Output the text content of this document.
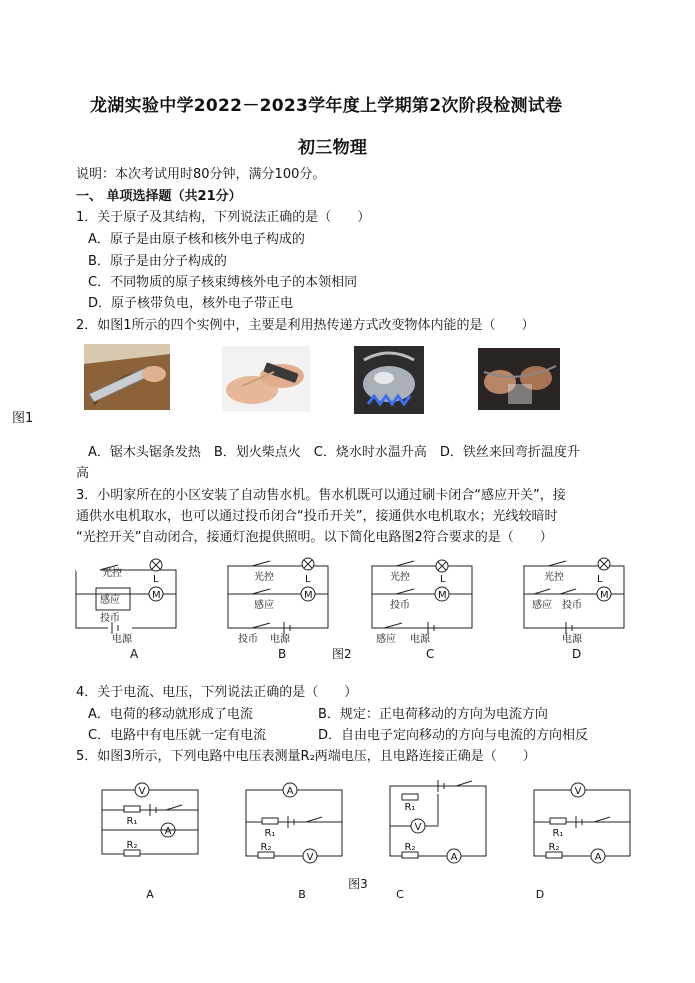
龙湖实验中学2022－2023学年度上学期第2次阶段检测试卷
初三物理
说明：本次考试用时80分钟，满分100分。
一、 单项选择题（共21分）
1．关于原子及其结构，下列说法正确的是（　　）
A．原子是由原子核和核外电子构成的
B．原子是由分子构成的
C．不同物质的原子核束缚核外电子的本领相同
D．原子核带负电，核外电子带正电
2．如图1所示的四个实例中，主要是利用热传递方式改变物体内能的是（　　）
图1
A．锯木头锯条发热　B．划火柴点火　C．烧水时水温升高　D．铁丝来回弯折温度升
高
3．小明家所在的小区安装了自动售水机。售水机既可以通过刷卡闭合“感应开关”，接
通供水电机取水，也可以通过投币闭合“投币开关”，接通供水电机取水；光线较暗时
“光控开关”自动闭合，接通灯泡提供照明。以下简化电路图2符合要求的是（　　）
光控
L
M
感应
投币
电源
A
光控	L
M
感应
投币 电源
B	图2
光控	L
M
投币
感应 电源
C
光控	L
M
感应 投币
电源
D
4．关于电流、电压，下列说法正确的是（　　）
A．电荷的移动就形成了电流	B．规定：正电荷移动的方向为电流方向
C．电路中有电压就一定有电流	D．自由电子定向移动的方向与电流的方向相反
5．如图3所示，下列电路中电压表测量R₂两端电压，且电路连接正确是（　　）
V
R₁
A
R₂
A
A
R₁
R₂
V
B
图3
R₁
V
R₂
A
C
V
R₁
R₂
A
D
